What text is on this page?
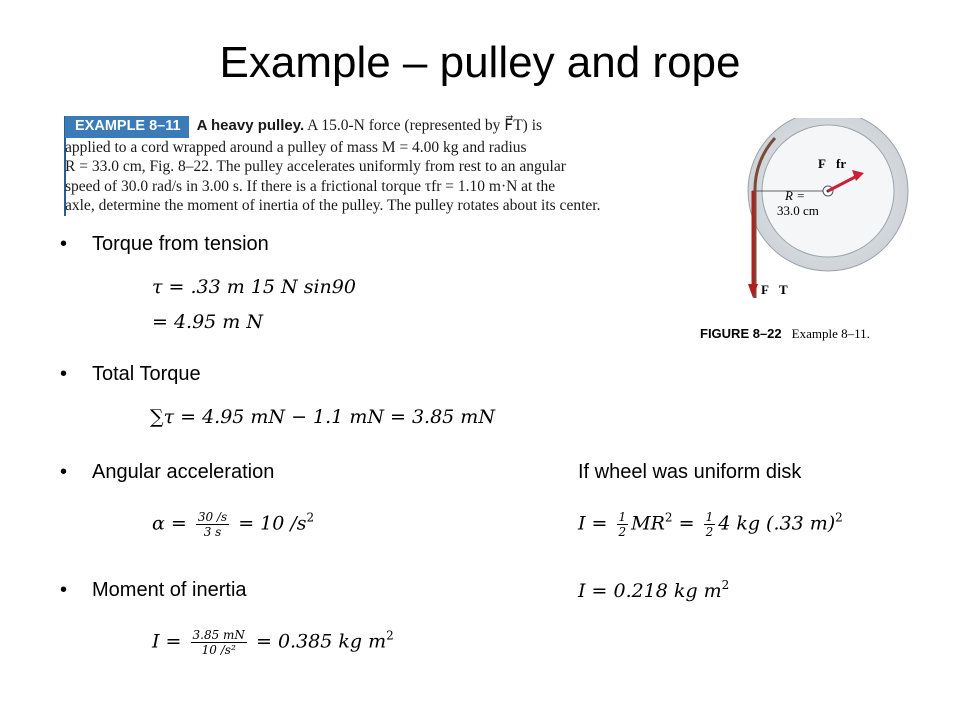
Example – pulley and rope
EXAMPLE 8–11 A heavy pulley. A 15.0-N force (represented by F⃗T) is
applied to a cord wrapped around a pulley of mass M = 4.00 kg and radius
R = 33.0 cm, Fig. 8–22. The pulley accelerates uniformly from rest to an angular
speed of 30.0 rad/s in 3.00 s. If there is a frictional torque τfr = 1.10 m·N at the
axle, determine the moment of inertia of the pulley. The pulley rotates about its center.
F⃗fr
R =
33.0 cm
F⃗T
FIGURE 8–22 Example 8–11.
• Torque from tension
τ = .33 m 15 N sin90
= 4.95 m N
• Total Torque
∑τ = 4.95 mN − 1.1 mN = 3.85 mN
• Angular acceleration	If wheel was uniform disk
$\alpha = \frac{30 /s}{3 s} = 10$ $/s^2$	$I = \frac{1}{2} MR^2 = \frac{1}{2} 4$ kg (.33 m)$^2$
• Moment of inertia	I = 0.218 kg $m^2$
$I = \frac{3.85 mN}{\text{10 /s²}} = 0.385$ kg $m^2$
